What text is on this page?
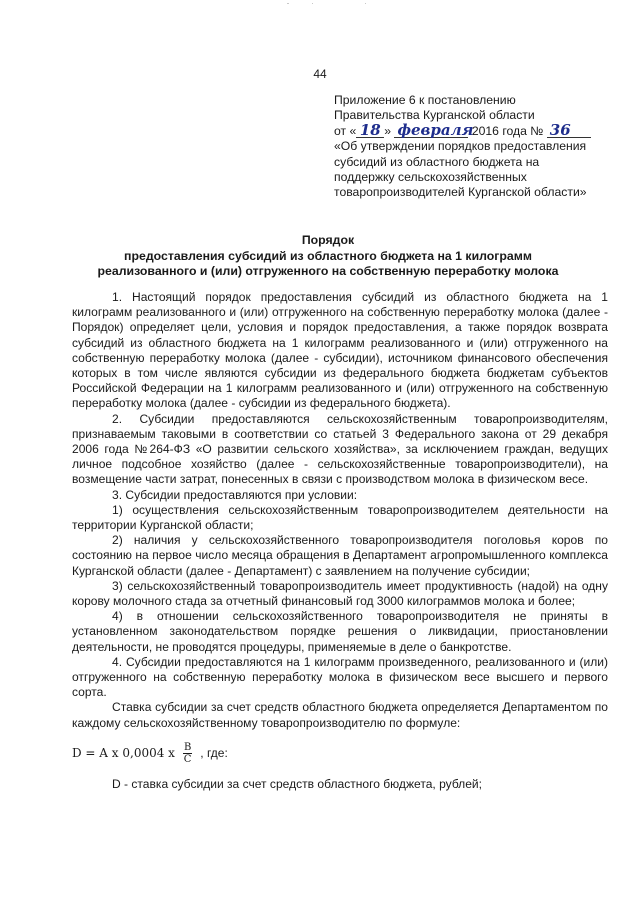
44
Приложение 6 к постановлению
Правительства Курганской области
от « 18 » февраля 2016 года № 36
«Об утверждении порядков предоставления
субсидий из областного бюджета на
поддержку сельскохозяйственных
товаропроизводителей Курганской области»
Порядок
предоставления субсидий из областного бюджета на 1 килограмм
реализованного и (или) отгруженного на собственную переработку молока

1. Настоящий порядок предоставления субсидий из областного бюджета на 1 килограмм реализованного и (или) отгруженного на собственную переработку молока (далее - Порядок) определяет цели, условия и порядок предоставления, а также порядок возврата субсидий из областного бюджета на 1 килограмм реализованного и (или) отгруженного на собственную переработку молока (далее - субсидии), источником финансового обеспечения которых в том числе являются субсидии из федерального бюджета бюджетам субъектов Российской Федерации на 1 килограмм реализованного и (или) отгруженного на собственную переработку молока (далее - субсидии из федерального бюджета).

2. Субсидии предоставляются сельскохозяйственным товаропроизводителям, признаваемым таковыми в соответствии со статьей 3 Федерального закона от 29 декабря 2006 года №264-ФЗ «О развитии сельского хозяйства», за исключением граждан, ведущих личное подсобное хозяйство (далее - сельскохозяйственные товаропроизводители), на возмещение части затрат, понесенных в связи с производством молока в физическом весе.

3. Субсидии предоставляются при условии:

1) осуществления сельскохозяйственным товаропроизводителем деятельности на территории Курганской области;

2) наличия у сельскохозяйственного товаропроизводителя поголовья коров по состоянию на первое число месяца обращения в Департамент агропромышленного комплекса Курганской области (далее - Департамент) с заявлением на получение субсидии;

3) сельскохозяйственный товаропроизводитель имеет продуктивность (надой) на одну корову молочного стада за отчетный финансовый год 3000 килограммов молока и более;

4) в отношении сельскохозяйственного товаропроизводителя не приняты в установленном законодательством порядке решения о ликвидации, приостановлении деятельности, не проводятся процедуры, применяемые в деле о банкротстве.

4. Субсидии предоставляются на 1 килограмм произведенного, реализованного и (или) отгруженного на собственную переработку молока в физическом весе высшего и первого сорта.

Ставка субсидии за счет средств областного бюджета определяется Департаментом по каждому сельскохозяйственному товаропроизводителю по формуле:

D = A x 0,0004 x $\frac{B}{C}$ , где:

D - ставка субсидии за счет средств областного бюджета, рублей;
